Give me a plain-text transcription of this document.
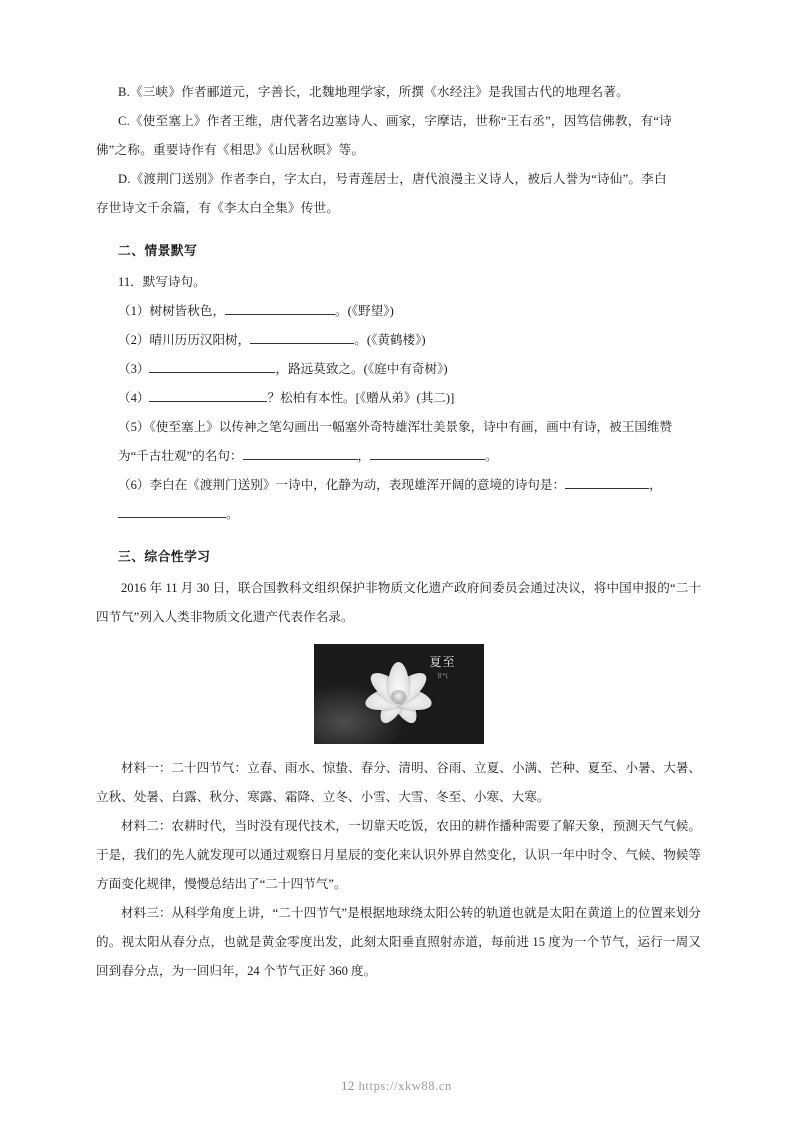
B.《三峡》作者郦道元，字善长，北魏地理学家，所撰《水经注》是我国古代的地理名著。
C.《使至塞上》作者王维，唐代著名边塞诗人、画家，字摩诘，世称“王右丞”，因笃信佛教，有“诗
佛”之称。重要诗作有《相思》《山居秋暝》等。
D.《渡荆门送别》作者李白，字太白，号青莲居士，唐代浪漫主义诗人，被后人誉为“诗仙”。李白
存世诗文千余篇，有《李太白全集》传世。
二、情景默写
11．默写诗句。
（1）树树皆秋色，	。(《野望》)
（2）晴川历历汉阳树，	。(《黄鹤楼》)
（3）	，路远莫致之。(《庭中有奇树》)
（4）	？松柏有本性。[《赠从弟》(其二)]
（5）《使至塞上》以传神之笔勾画出一幅塞外奇特雄浑壮美景象，诗中有画，画中有诗，被王国维赞
为“千古壮观”的名句：	，	。
（6）李白在《渡荆门送别》一诗中，化静为动，表现雄浑开阔的意境的诗句是：	，
。
三、综合性学习
2016 年 11 月 30 日，联合国教科文组织保护非物质文化遗产政府间委员会通过决议，将中国申报的“二十四节气”列入人类非物质文化遗产代表作名录。
夏至
节气
材料一：二十四节气：立春、雨水、惊蛰、春分、清明、谷雨、立夏、小满、芒种、夏至、小暑、大暑、立秋、处暑、白露、秋分、寒露、霜降、立冬、小雪、大雪、冬至、小寒、大寒。
材料二：农耕时代，当时没有现代技术，一切靠天吃饭，农田的耕作播种需要了解天象，预测天气气候。于是，我们的先人就发现可以通过观察日月星辰的变化来认识外界自然变化，认识一年中时令、气候、物候等方面变化规律，慢慢总结出了“二十四节气”。
材料三：从科学角度上讲，“二十四节气”是根据地球绕太阳公转的轨道也就是太阳在黄道上的位置来划分的。视太阳从春分点，也就是黄金零度出发，此刻太阳垂直照射赤道，每前进 15 度为一个节气，运行一周又回到春分点，为一回归年，24 个节气正好 360 度。
12 https://xkw88.cn
